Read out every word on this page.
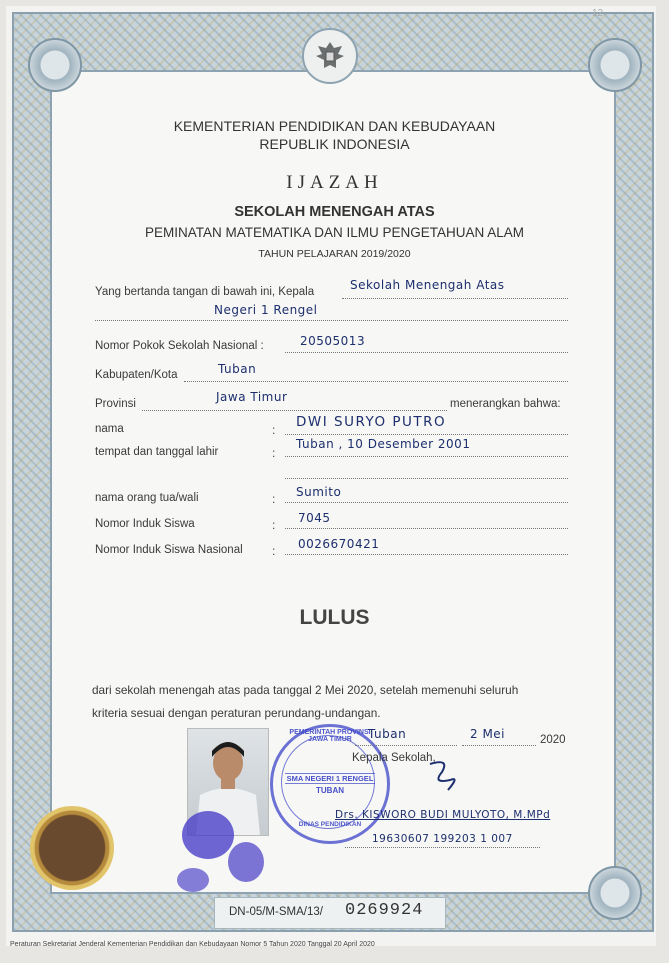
12
KEMENTERIAN PENDIDIKAN DAN KEBUDAYAAN
REPUBLIK INDONESIA
IJAZAH
SEKOLAH MENENGAH ATAS
PEMINATAN MATEMATIKA DAN ILMU PENGETAHUAN ALAM
TAHUN PELAJARAN 2019/2020
Yang bertanda tangan di bawah ini, Kepala	Sekolah Menengah Atas
Negeri 1 Rengel
Nomor Pokok Sekolah Nasional :	20505013
Kabupaten/Kota	Tuban
Provinsi	Jawa Timur	menerangkan bahwa:
nama	: DWI SURYO PUTRO
tempat dan tanggal lahir	:
Tuban , 10 Desember 2001
nama orang tua/wali	: Sumito
Nomor Induk Siswa	: 7045
Nomor Induk Siswa Nasional : 0026670421
LULUS
dari sekolah menengah atas pada tanggal 2 Mei 2020, setelah memenuhi seluruh
kriteria sesuai dengan peraturan perundang-undangan.
PEMERINTAH PROVINSI JAWA TIMUR
SMA NEGERI 1 RENGEL
TUBAN
DINAS PENDIDIKAN
Tuban	2 Mei	2020
Kepala Sekolah,
Drs. KISWORO BUDI MULYOTO, M.MPd
19630607 199203 1 007
DN-05/M-SMA/13/ 0269924
Peraturan Sekretariat Jenderal Kementerian Pendidikan dan Kebudayaan Nomor 5 Tahun 2020 Tanggal 20 April 2020
